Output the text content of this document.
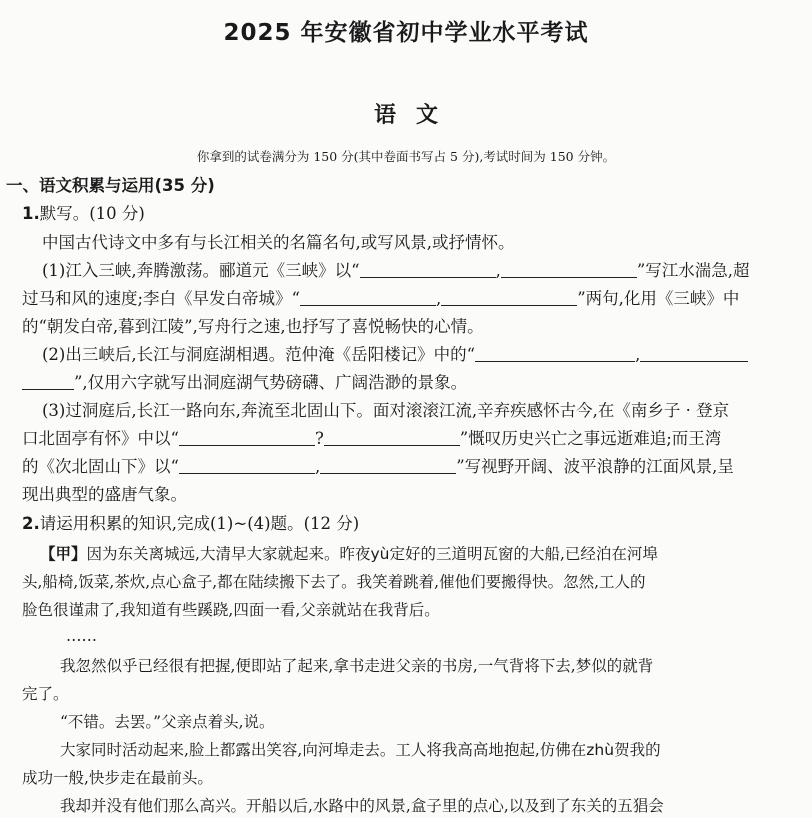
2025 年安徽省初中学业水平考试
语文
你拿到的试卷满分为 150 分(其中卷面书写占 5 分),考试时间为 150 分钟。
一、语文积累与运用(35 分)
1.默写。(10 分)
中国古代诗文中多有与长江相关的名篇名句,或写风景,或抒情怀。
(1)江入三峡,奔腾激荡。郦道元《三峡》以“	,	”写江水湍急,超
过马和风的速度;李白《早发白帝城》“	,	”两句,化用《三峡》中
的“朝发白帝,暮到江陵”,写舟行之速,也抒写了喜悦畅快的心情。
(2)出三峡后,长江与洞庭湖相遇。范仲淹《岳阳楼记》中的“	,
”,仅用六字就写出洞庭湖气势磅礴、广阔浩渺的景象。
(3)过洞庭后,长江一路向东,奔流至北固山下。面对滚滚江流,辛弃疾感怀古今,在《南乡子 · 登京
口北固亭有怀》中以“	?	”慨叹历史兴亡之事远逝难追;而王湾
的《次北固山下》以“	,	”写视野开阔、波平浪静的江面风景,呈
现出典型的盛唐气象。
2.请运用积累的知识,完成(1)~(4)题。(12 分)
【甲】因为东关离城远,大清早大家就起来。昨夜yù定好的三道明瓦窗的大船,已经泊在河埠
头,船椅,饭菜,茶炊,点心盒子,都在陆续搬下去了。我笑着跳着,催他们要搬得快。忽然,工人的
脸色很谨肃了,我知道有些蹊跷,四面一看,父亲就站在我背后。
……
我忽然似乎已经很有把握,便即站了起来,拿书走进父亲的书房,一气背将下去,梦似的就背
完了。
“不错。去罢。”父亲点着头,说。
大家同时活动起来,脸上都露出笑容,向河埠走去。工人将我高高地抱起,仿佛在zhù贺我的
成功一般,快步走在最前头。
我却并没有他们那么高兴。开船以后,水路中的风景,盒子里的点心,以及到了东关的五猖会
